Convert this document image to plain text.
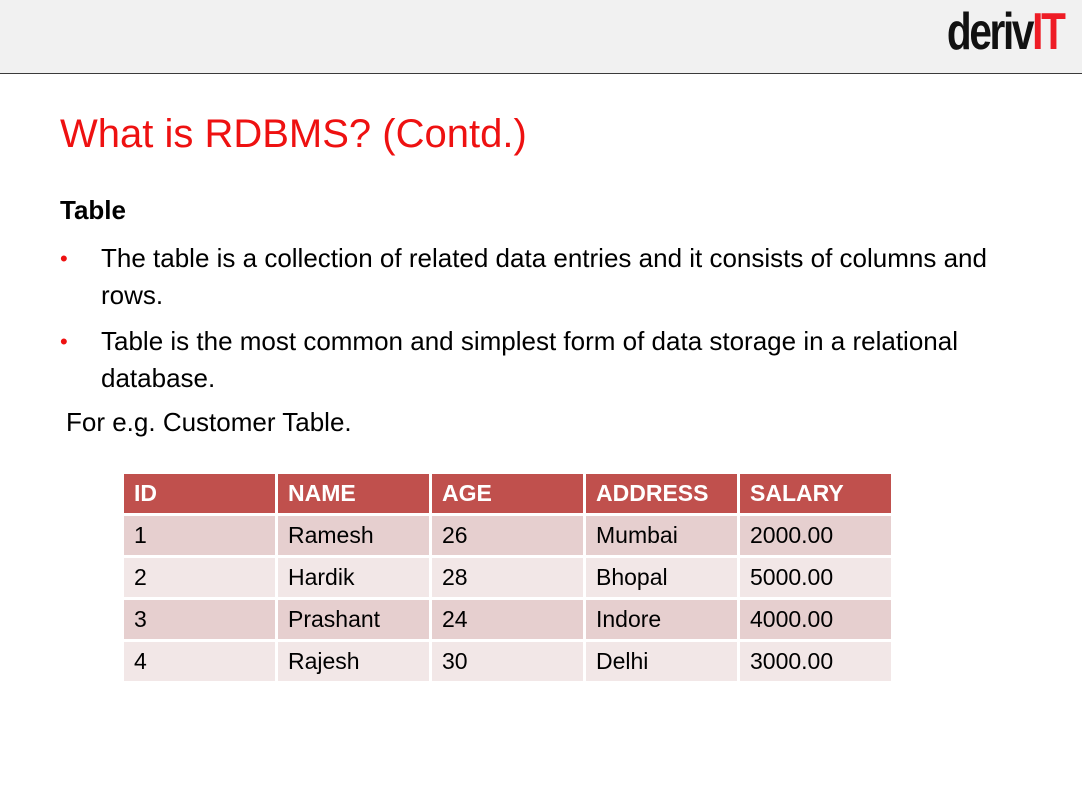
derivIT
What is RDBMS? (Contd.)
Table
• The table is a collection of related data entries and it consists of columns and rows.
• Table is the most common and simplest form of data storage in a relational database.
For e.g. Customer Table.
ID	NAME	AGE	ADDRESS	SALARY
1	Ramesh	26	Mumbai	2000.00
2	Hardik	28	Bhopal	5000.00
3	Prashant	24	Indore	4000.00
4	Rajesh	30	Delhi	3000.00
